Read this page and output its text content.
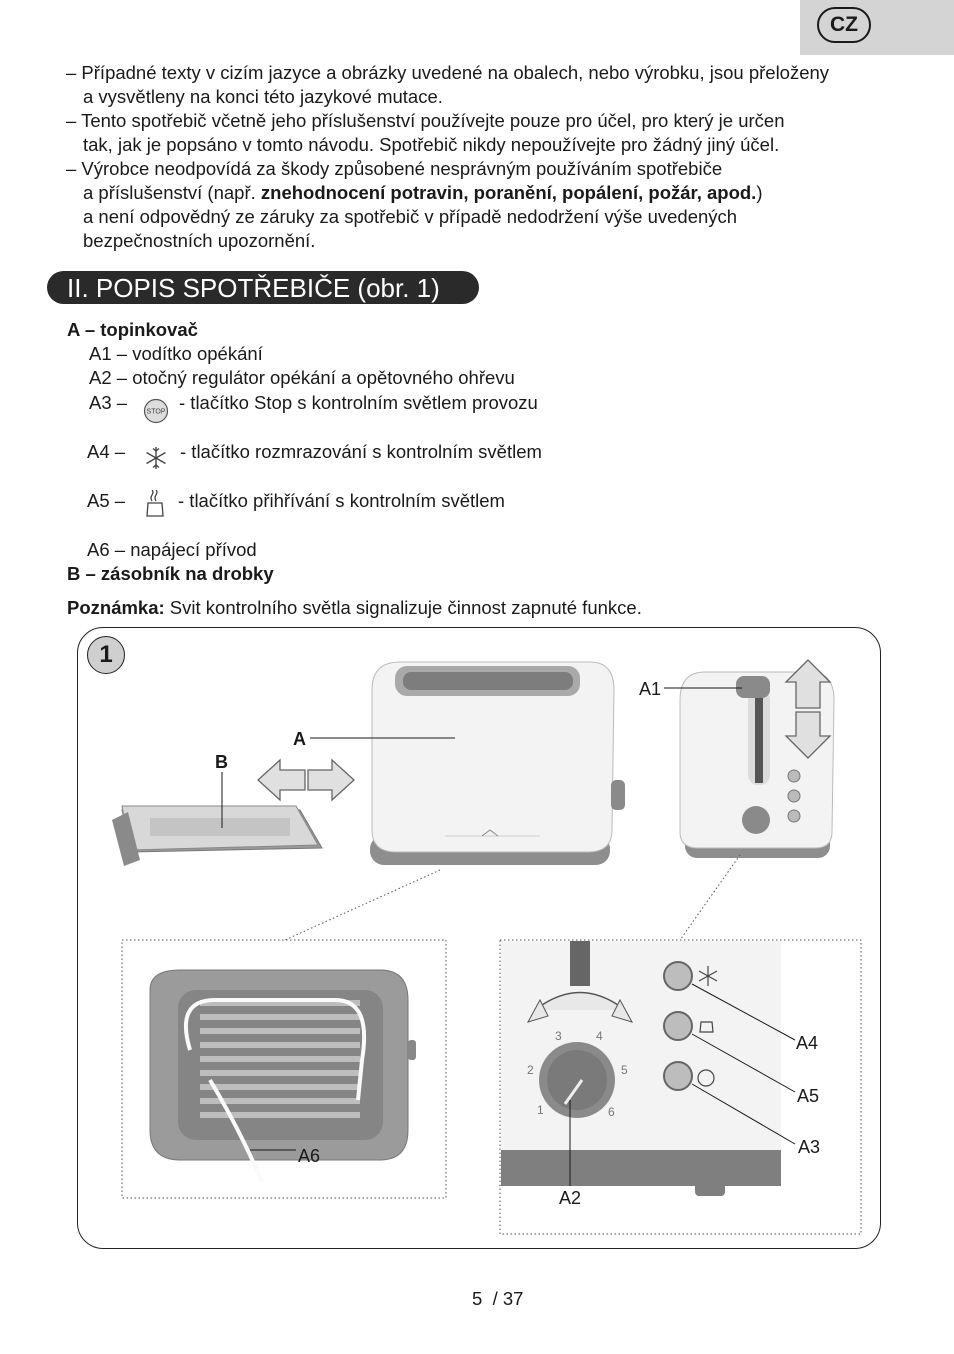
CZ
– Případné texty v cizím jazyce a obrázky uvedené na obalech, nebo výrobku, jsou přeloženy
a vysvětleny na konci této jazykové mutace.
– Tento spotřebič včetně jeho příslušenství používejte pouze pro účel, pro který je určen
tak, jak je popsáno v tomto návodu. Spotřebič nikdy nepoužívejte pro žádný jiný účel.
– Výrobce neodpovídá za škody způsobené nesprávným používáním spotřebiče
a příslušenství (např. znehodnocení potravin, poranění, popálení, požár, apod.)
a není odpovědný ze záruky za spotřebič v případě nedodržení výše uvedených
bezpečnostních upozornění.
II. POPIS SPOTŘEBIČE (obr. 1)
A – topinkovač
A1 – vodítko opékání
A2 – otočný regulátor opékání a opětovného ohřevu
A3 –	STOP - tlačítko Stop s kontrolním světlem provozu
A4 –	- tlačítko rozmrazování s kontrolním světlem
A5 –	- tlačítko přihřívání s kontrolním světlem
A6 – napájecí přívod
B – zásobník na drobky
Poznámka: Svit kontrolního světla signalizuje činnost zapnuté funkce.
1
1
2
3	4
5
6
A
B
A1
A4
A5
A3
A6
A2
5  / 37
